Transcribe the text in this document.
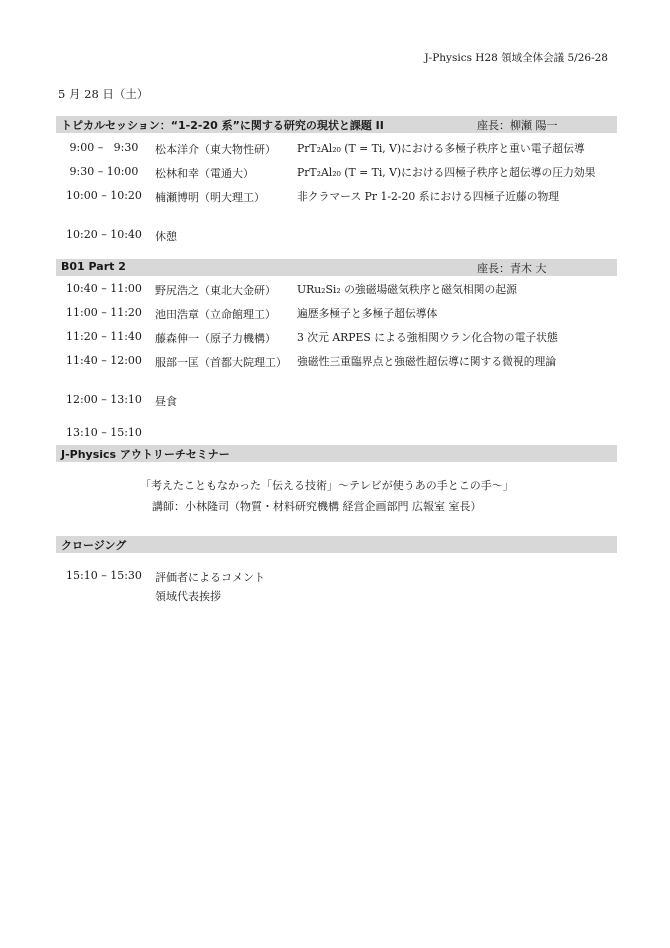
J-Physics H28 領域全体会議 5/26-28
5 月 28 日（土）
トピカルセッション：“1-2-20 系”に関する研究の現状と課題 II	座長：柳瀬 陽一
9:00 –   9:30 松本洋介（東大物性研） PrT₂Al₂₀ (T = Ti, V)における多極子秩序と重い電子超伝導
9:30 – 10:00 松林和幸（電通大）	PrT₂Al₂₀ (T = Ti, V)における四極子秩序と超伝導の圧力効果
10:00 – 10:20 楠瀬博明（明大理工）	非クラマース Pr 1-2-20 系における四極子近藤の物理
10:20 – 10:40 休憩
B01 Part 2	座長：青木 大
10:40 – 11:00 野尻浩之（東北大金研） URu₂Si₂ の強磁場磁気秩序と磁気相関の起源
11:00 – 11:20 池田浩章（立命館理工） 遍歴多極子と多極子超伝導体
11:20 – 11:40 藤森伸一（原子力機構） 3 次元 ARPES による強相関ウラン化合物の電子状態
11:40 – 12:00 服部一匡（首都大院理工） 強磁性三重臨界点と強磁性超伝導に関する微視的理論
12:00 – 13:10 昼食
13:10 – 15:10
J-Physics アウトリーチセミナー
「考えたこともなかった「伝える技術」〜テレビが使うあの手とこの手〜」
講師：小林隆司（物質・材料研究機構 経営企画部門 広報室 室長）
クロージング
15:10 – 15:30 評価者によるコメント
領域代表挨拶
